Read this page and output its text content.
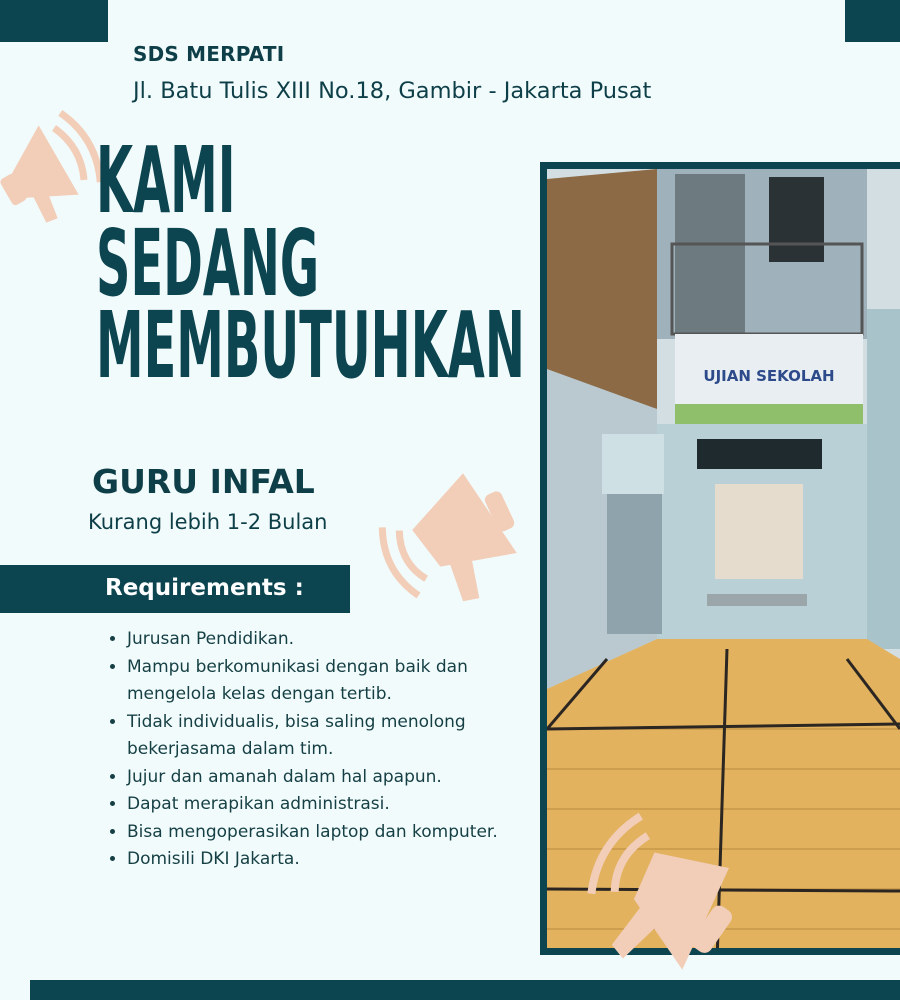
SDS MERPATI
Jl. Batu Tulis XIII No.18, Gambir - Jakarta Pusat
KAMI
SEDANG
MEMBUTUHKAN
GURU INFAL
Kurang lebih 1-2 Bulan
Requirements :
• Jurusan Pendidikan.
• Mampu berkomunikasi dengan baik dan mengelola kelas dengan tertib.
• Tidak individualis, bisa saling menolong bekerjasama dalam tim.
• Jujur dan amanah dalam hal apapun.
• Dapat merapikan administrasi.
• Bisa mengoperasikan laptop dan komputer.
• Domisili DKI Jakarta.
UJIAN SEKOLAH
